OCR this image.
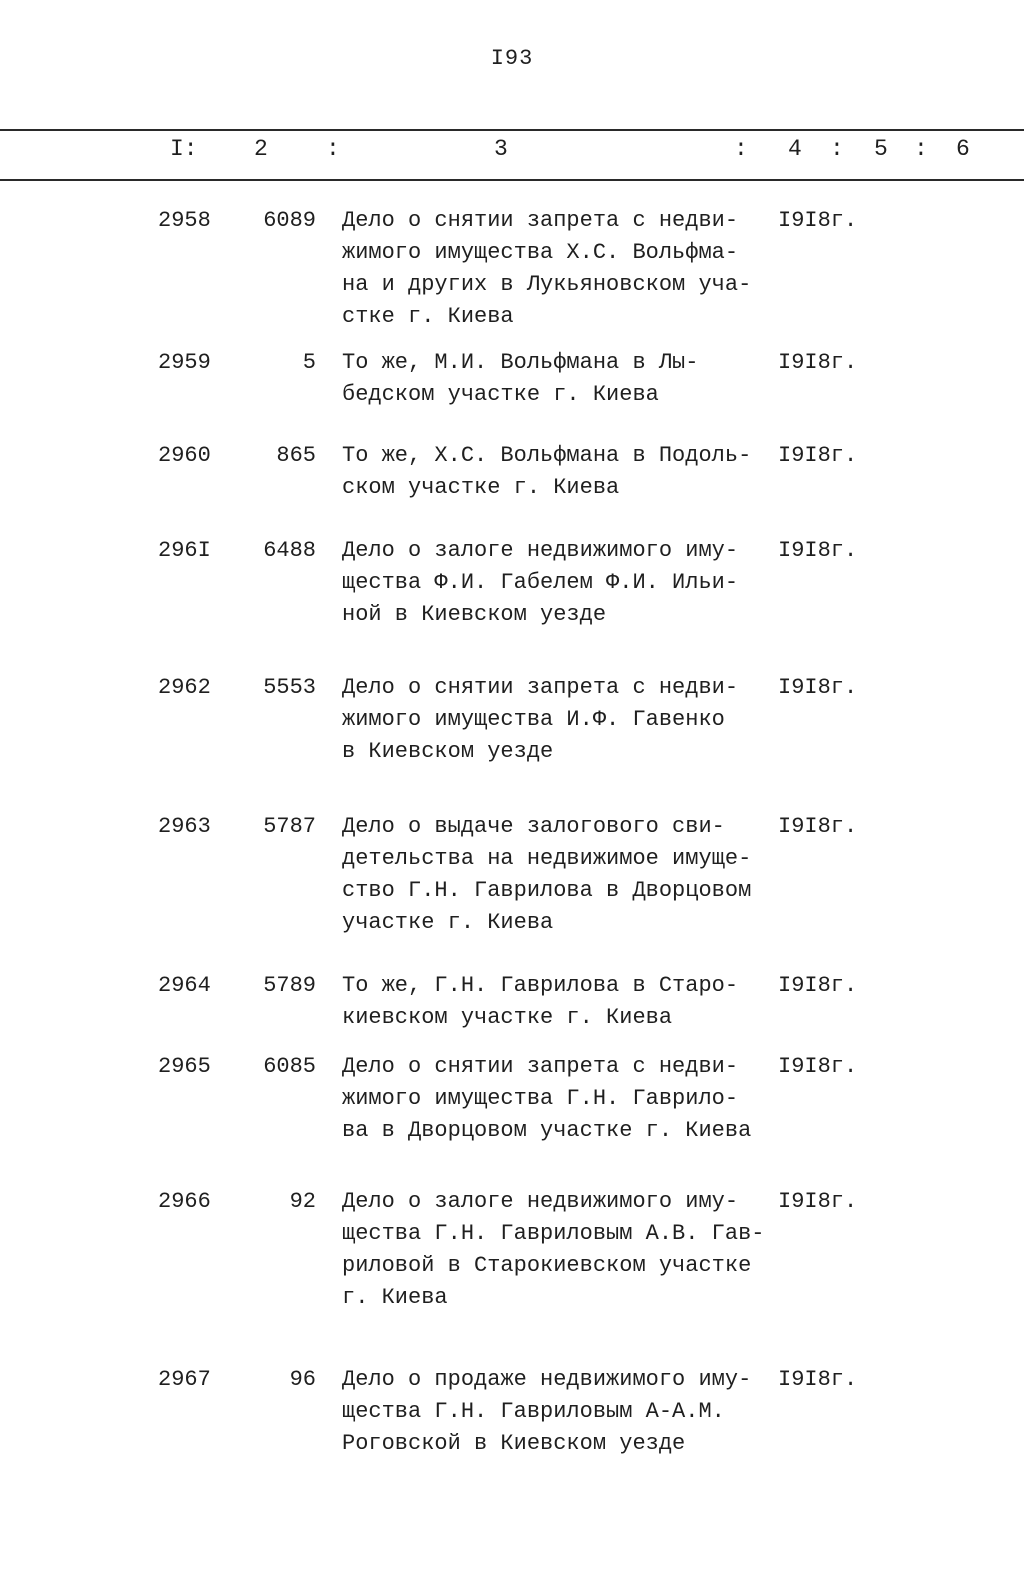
I93
I: 2	:	3	: 4 : 5 : 6
2958	6089 Дело о снятии запрета с недви-
жимого имущества Х.С. Вольфма-
на и других в Лукьяновском уча-
стке г. Киева
I9I8г.
2959	5 То же, М.И. Вольфмана в Лы-
бедском участке г. Киева
I9I8г.
2960	865 То же, Х.С. Вольфмана в Подоль-
ском участке г. Киева
I9I8г.
296I	6488 Дело о залоге недвижимого иму-
щества Ф.И. Габелем Ф.И. Ильи-
ной в Киевском уезде
I9I8г.
2962	5553 Дело о снятии запрета с недви-
жимого имущества И.Ф. Гавенко
в Киевском уезде
I9I8г.
2963	5787 Дело о выдаче залогового сви-
детельства на недвижимое имуще-
ство Г.Н. Гаврилова в Дворцовом
участке г. Киева
I9I8г.
2964	5789 То же, Г.Н. Гаврилова в Старо-
киевском участке г. Киева
I9I8г.
2965	6085 Дело о снятии запрета с недви-
жимого имущества Г.Н. Гаврило-
ва в Дворцовом участке г. Киева
I9I8г.
2966	92 Дело о залоге недвижимого иму-
щества Г.Н. Гавриловым А.В. Гав-
риловой в Старокиевском участке
г. Киева
I9I8г.
2967	96 Дело о продаже недвижимого иму-
щества Г.Н. Гавриловым А-А.М.
Роговской в Киевском уезде
I9I8г.
